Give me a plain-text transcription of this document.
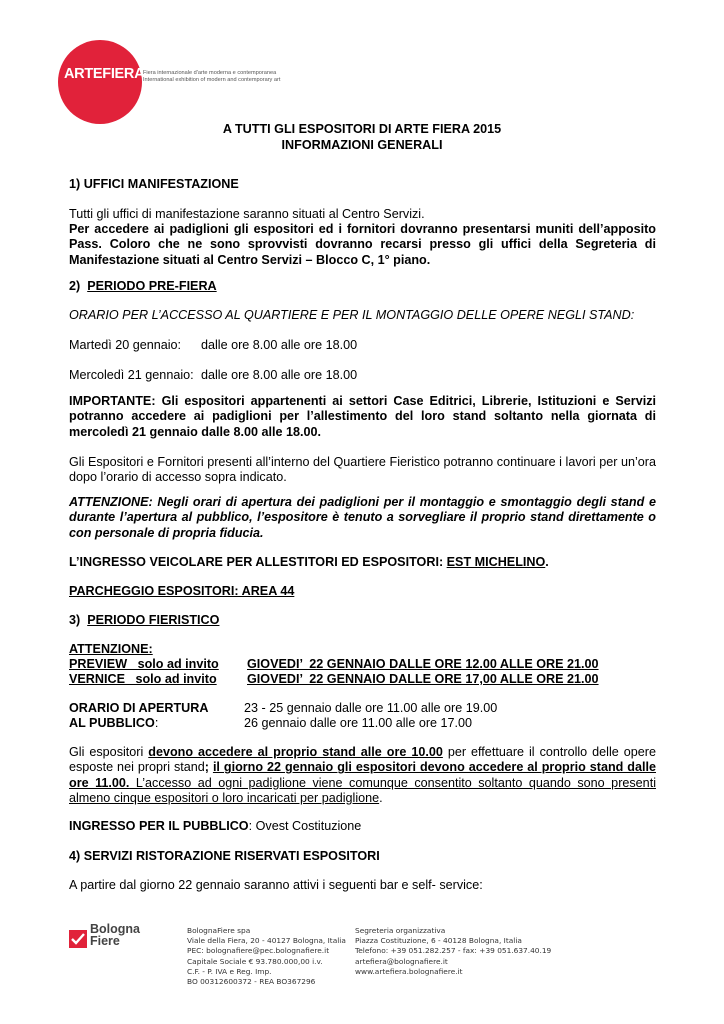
ARTEFIERA
Fiera internazionale d'arte moderna e contemporanea
International exhibition of modern and contemporary art
A TUTTI GLI ESPOSITORI DI ARTE FIERA 2015
INFORMAZIONI GENERALI
1) UFFICI MANIFESTAZIONE
Tutti gli uffici di manifestazione saranno situati al Centro Servizi.
Per accedere ai padiglioni gli espositori ed i fornitori dovranno presentarsi muniti dell’apposito Pass. Coloro che ne sono sprovvisti dovranno recarsi presso gli uffici della Segreteria di Manifestazione situati al Centro Servizi – Blocco C, 1° piano.
2) PERIODO PRE-FIERA
ORARIO PER L’ACCESSO AL QUARTIERE E PER IL MONTAGGIO DELLE OPERE NEGLI STAND:
Martedì 20 gennaio: dalle ore 8.00 alle ore 18.00
Mercoledì 21 gennaio: dalle ore 8.00 alle ore 18.00
IMPORTANTE: Gli espositori appartenenti ai settori Case Editrici, Librerie, Istituzioni e Servizi potranno accedere ai padiglioni per l’allestimento del loro stand soltanto nella giornata di mercoledì 21 gennaio dalle 8.00 alle 18.00.
Gli Espositori e Fornitori presenti all’interno del Quartiere Fieristico potranno continuare i lavori per un’ora dopo l’orario di accesso sopra indicato.
ATTENZIONE: Negli orari di apertura dei padiglioni per il montaggio e smontaggio degli stand e durante l’apertura al pubblico, l’espositore è tenuto a sorvegliare il proprio stand direttamente o con personale di propria fiducia.
L’INGRESSO VEICOLARE PER ALLESTITORI ED ESPOSITORI: EST MICHELINO.
PARCHEGGIO ESPOSITORI: AREA 44
3) PERIODO FIERISTICO
ATTENZIONE:
PREVIEW   solo ad invito GIOVEDI’  22 GENNAIO DALLE ORE 12.00 ALLE ORE 21.00
VERNICE   solo ad invito GIOVEDI’  22 GENNAIO DALLE ORE 17,00 ALLE ORE 21.00
ORARIO DI APERTURA
AL PUBBLICO:
23 - 25 gennaio dalle ore 11.00 alle ore 19.00
26 gennaio dalle ore 11.00 alle ore 17.00
Gli espositori devono accedere al proprio stand alle ore 10.00 per effettuare il controllo delle opere esposte nei propri stand; il giorno 22 gennaio gli espositori devono accedere al proprio stand dalle ore 11.00. L’accesso ad ogni padiglione viene comunque consentito soltanto quando sono presenti almeno cinque espositori o loro incaricati per padiglione.
INGRESSO PER IL PUBBLICO: Ovest Costituzione
4) SERVIZI RISTORAZIONE RISERVATI ESPOSITORI
A partire dal giorno 22 gennaio saranno attivi i seguenti bar e self- service:
Bologna
Fiere
BolognaFiere spa
Viale della Fiera, 20 - 40127 Bologna, Italia
PEC: bolognafiere@pec.bolognafiere.it
Capitale Sociale € 93.780.000,00 i.v.
C.F. - P. IVA e Reg. Imp.
BO 00312600372 - REA BO367296
Segreteria organizzativa
Piazza Costituzione, 6 - 40128 Bologna, Italia
Telefono: +39 051.282.257 - fax: +39 051.637.40.19
artefiera@bolognafiere.it
www.artefiera.bolognafiere.it
